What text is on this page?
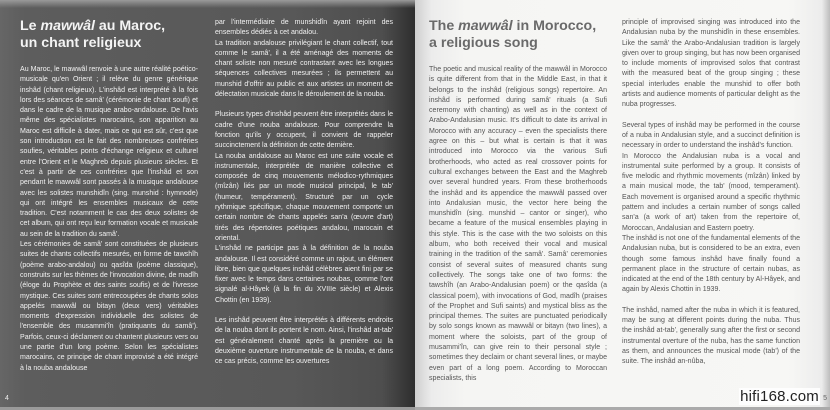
Le mawwâl au Maroc,
un chant religieux

Au Maroc, le mawwâl renvoie à une autre réalité poético-musicale qu'en Orient ; il relève du genre générique inshâd (chant religieux). L'inshâd est interprété à la fois lors des séances de samâ' (cérémonie de chant soufi) et dans le cadre de la musique arabo-andalouse. De l'avis même des spécialistes marocains, son apparition au Maroc est difficile à dater, mais ce qui est sûr, c'est que son introduction est le fait des nombreuses confréries soufies, véritables ponts d'échange religieux et culturel entre l'Orient et le Maghreb depuis plusieurs siècles. Et c'est à partir de ces confréries que l'inshâd et son pendant le mawwâl sont passés à la musique andalouse avec les solistes munshidîn (sing. munshid : hymnode) qui ont intégré les ensembles musicaux de cette tradition. C'est notamment le cas des deux solistes de cet album, qui ont reçu leur formation vocale et musicale au sein de la tradition du samâ'.

Les cérémonies de samâ' sont constituées de plusieurs suites de chants collectifs mesurés, en forme de tawshîh (poème arabo-andalou) ou qasîda (poème classique), construits sur les thèmes de l'invocation divine, de madîh (éloge du Prophète et des saints soufis) et de l'ivresse mystique. Ces suites sont entrecoupées de chants solos appelés mawwâl ou bitayn (deux vers) véritables moments d'expression individuelle des solistes de l'ensemble des musammi'în (pratiquants du samâ'). Parfois, ceux-ci déclament ou chantent plusieurs vers ou une partie d'un long poème. Selon les spécialistes marocains, ce principe de chant improvisé a été intégré à la nouba andalouse

par l'intermédiaire de munshidîn ayant rejoint des ensembles dédiés à cet andalou.

La tradition andalouse privilégiant le chant collectif, tout comme le samâ', il a été aménagé des moments de chant soliste non mesuré contrastant avec les longues séquences collectives mesurées ; ils permettent au munshid d'offrir au public et aux artistes un moment de délectation musicale dans le déroulement de la nouba.

Plusieurs types d'inshâd peuvent être interprétés dans le cadre d'une nouba andalouse. Pour comprendre la fonction qu'ils y occupent, il convient de rappeler succinctement la définition de cette dernière.

La nouba andalouse au Maroc est une suite vocale et instrumentale, interprétée de manière collective et composée de cinq mouvements mélodico-rythmiques (mîzân) liés par un mode musical principal, le tab' (humeur, tempérament). Structuré par un cycle rythmique spécifique, chaque mouvement comporte un certain nombre de chants appelés san'a (œuvre d'art) tirés des répertoires poétiques andalou, marocain et oriental.

L'inshâd ne participe pas à la définition de la nouba andalouse. Il est considéré comme un rajout, un élément libre, bien que quelques inshâd célèbres aient fini par se fixer avec le temps dans certaines noubas, comme l'ont signalé al-Hâyek (à la fin du XVIIIe siècle) et Alexis Chottin (en 1939).

Les inshâd peuvent être interprétés à différents endroits de la nouba dont ils portent le nom. Ainsi, l'inshâd at-tab' est généralement chanté après la première ou la deuxième ouverture instrumentale de la nouba, et dans ce cas précis, comme les ouvertures

4
The mawwâl in Morocco,
a religious song

The poetic and musical reality of the mawwâl in Morocco is quite different from that in the Middle East, in that it belongs to the inshâd (religious songs) repertoire. An inshâd is performed during samâ' rituals (a Sufi ceremony with chanting) as well as in the context of Arabo-Andalusian music. It's difficult to date its arrival in Morocco with any accuracy – even the specialists there agree on this – but what is certain is that it was introduced into Morocco via the various Sufi brotherhoods, who acted as real crossover points for cultural exchanges between the East and the Maghreb over several hundred years. From these brotherhoods the inshâd and its appendice the mawwâl passed over into Andalusian music, the vector here being the munshidîn (sing. munshid – cantor or singer), who became a feature of the musical ensembles playing in this style. This is the case with the two soloists on this album, who both received their vocal and musical training in the tradition of the samâ'. Samâ' ceremonies consist of several suites of measured chants sung collectively. The songs take one of two forms: the tawshîh (an Arabo-Andalusian poem) or the qasîda (a classical poem), with invocations of God, madîh (praises of the Prophet and Sufi saints) and mystical bliss as the principal themes. The suites are punctuated periodically by solo songs known as mawwâl or bitayn (two lines), a moment where the soloists, part of the group of musammi'în, can give rein to their personal style ; sometimes they declaim or chant several lines, or maybe even part of a long poem. According to Moroccan specialists, this

principle of improvised singing was introduced into the Andalusian nuba by the munshidîn in these ensembles. Like the samâ' the Arabo-Andalusian tradition is largely given over to group singing, but has now been organised to include moments of improvised solos that contrast with the measured beat of the group singing ; these special interludes enable the munshid to offer both artists and audience moments of particular delight as the nuba progresses.

Several types of inshâd may be performed in the course of a nuba in Andalusian style, and a succinct definition is necessary in order to understand the inshâd's function.

In Morocco the Andalusian nuba is a vocal and instrumental suite performed by a group. It consists of five melodic and rhythmic movements (mîzân) linked by a main musical mode, the tab' (mood, temperament). Each movement is organised around a specific rhythmic pattern and includes a certain number of songs called san'a (a work of art) taken from the repertoire of, Moroccan, Andalusian and Eastern poetry.

The inshâd is not one of the fundamental elements of the Andalusian nuba, but is considered to be an extra, even though some famous inshâd have finally found a permanent place in the structure of certain nubas, as indicated at the end of the 18th century by Al-Hâyek, and again by Alexis Chottin in 1939.

The inshâd, named after the nuba in which it is featured, may be sung at different points during the nuba. Thus the inshâd at-tab', generally sung after the first or second instrumental overture of the nuba, has the same function as them, and announces the musical mode (tab') of the suite. The inshâd an-nûba,

5
hifi168.com
